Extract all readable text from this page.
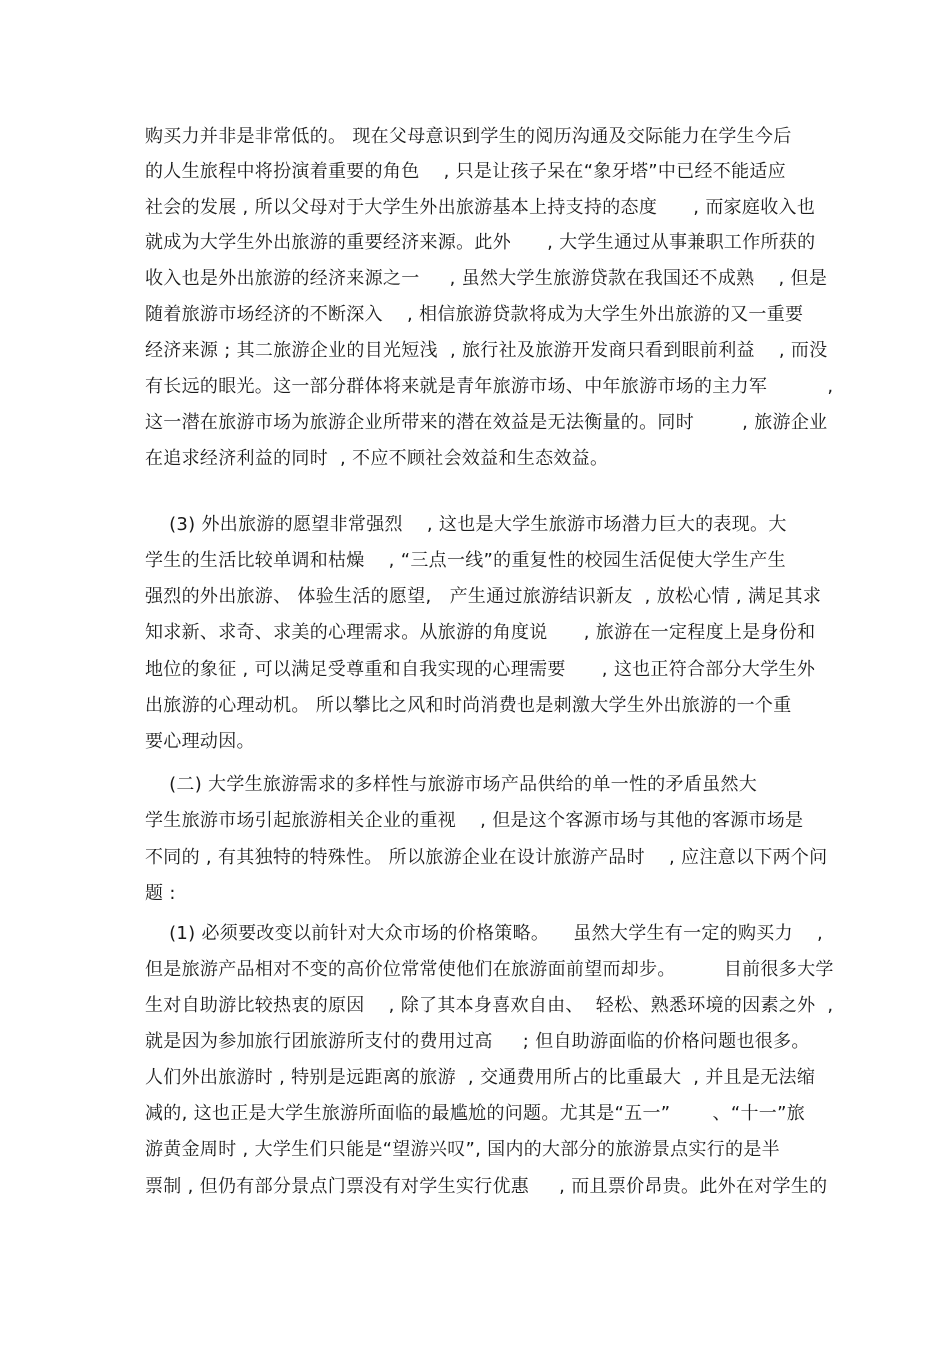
购买力并非是非常低的。 现在父母意识到学生的阅历沟通及交际能力在学生今后
的人生旅程中将扮演着重要的角色    , 只是让孩子呆在“象牙塔”中已经不能适应
社会的发展 , 所以父母对于大学生外出旅游基本上持支持的态度      , 而家庭收入也
就成为大学生外出旅游的重要经济来源。此外      , 大学生通过从事兼职工作所获的
收入也是外出旅游的经济来源之一     , 虽然大学生旅游贷款在我国还不成熟    , 但是
随着旅游市场经济的不断深入    , 相信旅游贷款将成为大学生外出旅游的又一重要
经济来源 ; 其二旅游企业的目光短浅  , 旅行社及旅游开发商只看到眼前利益    , 而没
有长远的眼光。这一部分群体将来就是青年旅游市场、中年旅游市场的主力军          ,
这一潜在旅游市场为旅游企业所带来的潜在效益是无法衡量的。同时        , 旅游企业
在追求经济利益的同时  , 不应不顾社会效益和生态效益。
(3) 外出旅游的愿望非常强烈    , 这也是大学生旅游市场潜力巨大的表现。大
学生的生活比较单调和枯燥    , “三点一线”的重复性的校园生活促使大学生产生
强烈的外出旅游、 体验生活的愿望,   产生通过旅游结识新友  , 放松心情 , 满足其求
知求新、求奇、求美的心理需求。从旅游的角度说      , 旅游在一定程度上是身份和
地位的象征 , 可以满足受尊重和自我实现的心理需要      , 这也正符合部分大学生外
出旅游的心理动机。 所以攀比之风和时尚消费也是刺激大学生外出旅游的一个重
要心理动因。
(二) 大学生旅游需求的多样性与旅游市场产品供给的单一性的矛盾虽然大
学生旅游市场引起旅游相关企业的重视    , 但是这个客源市场与其他的客源市场是
不同的 , 有其独特的特殊性。 所以旅游企业在设计旅游产品时    , 应注意以下两个问
题 :
(1) 必须要改变以前针对大众市场的价格策略。    虽然大学生有一定的购买力    ,
但是旅游产品相对不变的高价位常常使他们在旅游面前望而却步。        目前很多大学
生对自助游比较热衷的原因    , 除了其本身喜欢自由、  轻松、熟悉环境的因素之外  ,
就是因为参加旅行团旅游所支付的费用过高     ; 但自助游面临的价格问题也很多。
人们外出旅游时 , 特别是远距离的旅游  , 交通费用所占的比重最大  , 并且是无法缩
减的, 这也正是大学生旅游所面临的最尴尬的问题。尤其是“五一”       、“十一”旅
游黄金周时 , 大学生们只能是“望游兴叹”, 国内的大部分的旅游景点实行的是半
票制 , 但仍有部分景点门票没有对学生实行优惠     , 而且票价昂贵。此外在对学生的
